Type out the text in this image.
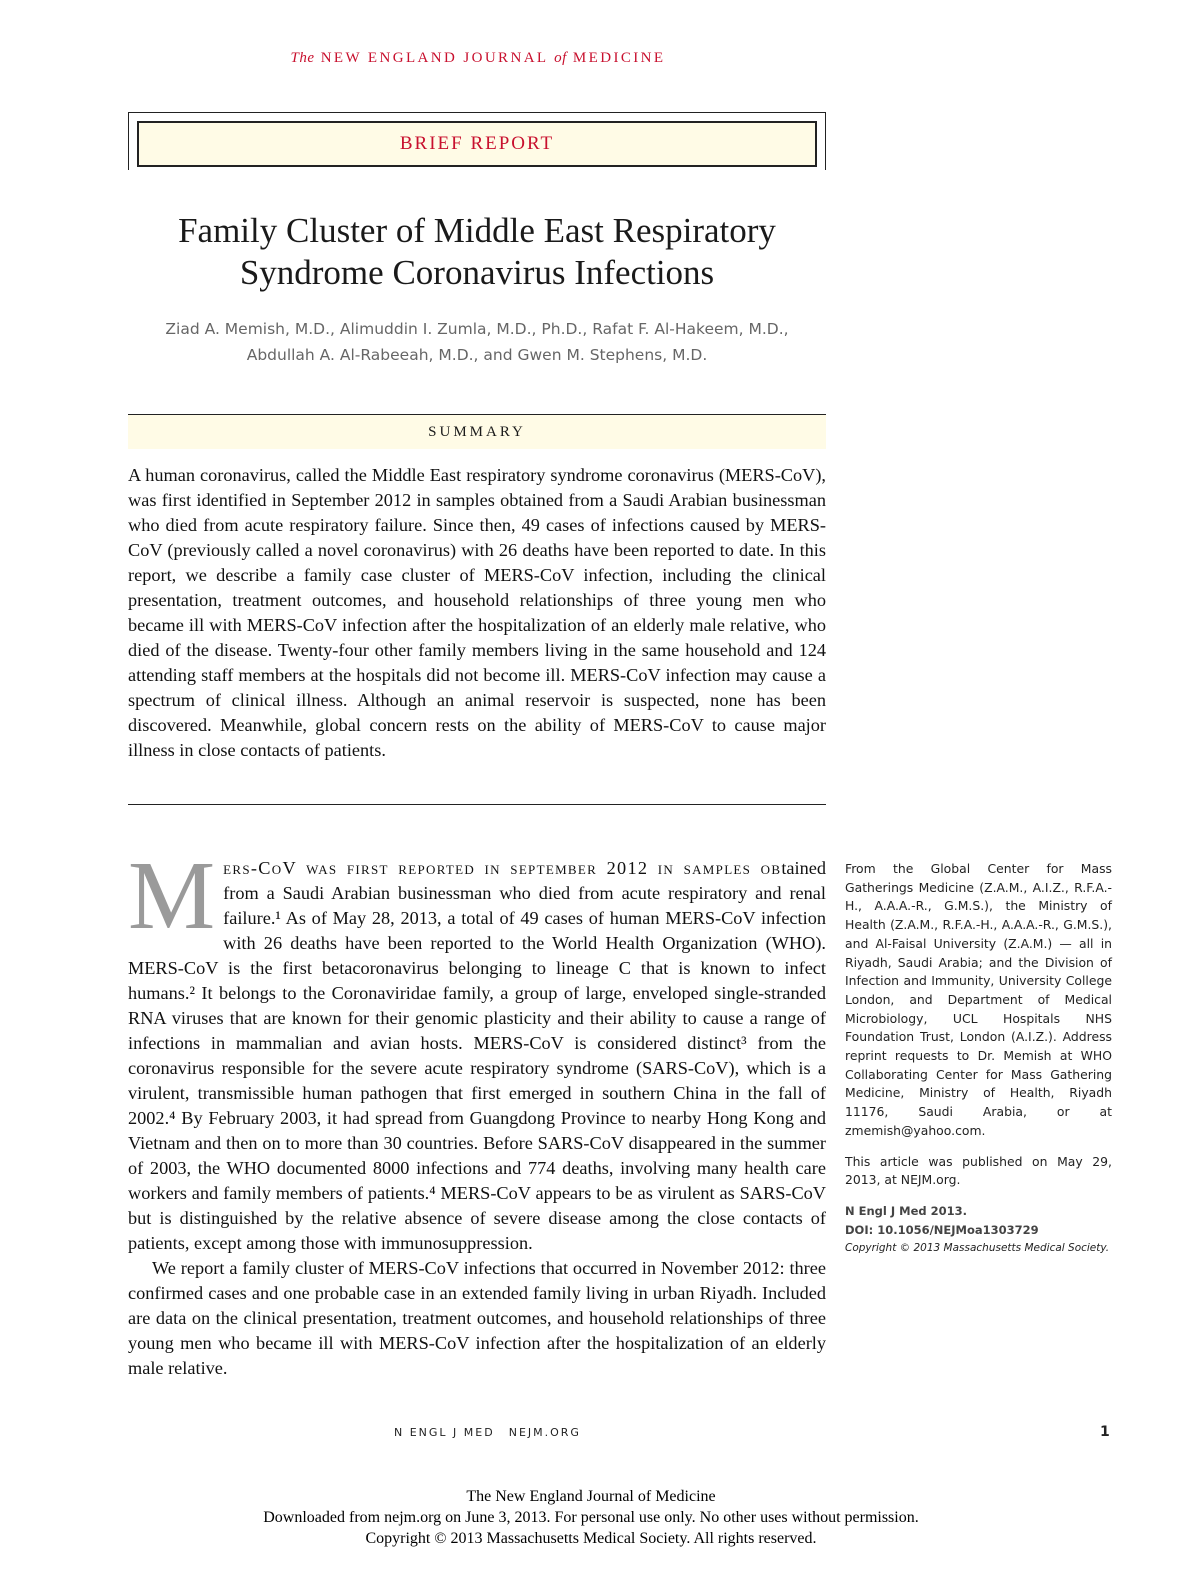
The NEW ENGLAND JOURNAL of MEDICINE
BRIEF REPORT
Family Cluster of Middle East Respiratory Syndrome Coronavirus Infections
Ziad A. Memish, M.D., Alimuddin I. Zumla, M.D., Ph.D., Rafat F. Al-Hakeem, M.D.,
Abdullah A. Al-Rabeeah, M.D., and Gwen M. Stephens, M.D.
SUMMARY

A human coronavirus, called the Middle East respiratory syndrome coronavirus (MERS-CoV), was first identified in September 2012 in samples obtained from a Saudi Arabian businessman who died from acute respiratory failure. Since then, 49 cases of infections caused by MERS-CoV (previously called a novel coronavirus) with 26 deaths have been reported to date. In this report, we describe a family case cluster of MERS-CoV infection, including the clinical presentation, treatment outcomes, and household relationships of three young men who became ill with MERS-CoV infection after the hospitalization of an elderly male relative, who died of the disease. Twenty-four other family members living in the same household and 124 attending staff members at the hospitals did not become ill. MERS-CoV infection may cause a spectrum of clinical illness. Although an animal reservoir is suspected, none has been discovered. Meanwhile, global concern rests on the ability of MERS-CoV to cause major illness in close contacts of patients.

Mers-CoV was first reported in september 2012 in samples obtained from a Saudi Arabian businessman who died from acute respiratory and renal failure.¹ As of May 28, 2013, a total of 49 cases of human MERS-CoV infection with 26 deaths have been reported to the World Health Organization (WHO). MERS-CoV is the first betacoronavirus belonging to lineage C that is known to infect humans.² It belongs to the Coronaviridae family, a group of large, enveloped single-stranded RNA viruses that are known for their genomic plasticity and their ability to cause a range of infections in mammalian and avian hosts. MERS-CoV is considered distinct³ from the coronavirus responsible for the severe acute respiratory syndrome (SARS-CoV), which is a virulent, transmissible human pathogen that first emerged in southern China in the fall of 2002.⁴ By February 2003, it had spread from Guangdong Province to nearby Hong Kong and Vietnam and then on to more than 30 countries. Before SARS-CoV disappeared in the summer of 2003, the WHO documented 8000 infections and 774 deaths, involving many health care workers and family members of patients.⁴ MERS-CoV appears to be as virulent as SARS-CoV but is distinguished by the relative absence of severe disease among the close contacts of patients, except among those with immunosuppression.

We report a family cluster of MERS-CoV infections that occurred in November 2012: three confirmed cases and one probable case in an extended family living in urban Riyadh. Included are data on the clinical presentation, treatment outcomes, and household relationships of three young men who became ill with MERS-CoV infection after the hospitalization of an elderly male relative.

From the Global Center for Mass Gatherings Medicine (Z.A.M., A.I.Z., R.F.A.-H., A.A.A.-R., G.M.S.), the Ministry of Health (Z.A.M., R.F.A.-H., A.A.A.-R., G.M.S.), and Al-Faisal University (Z.A.M.) — all in Riyadh, Saudi Arabia; and the Division of Infection and Immunity, University College London, and Department of Medical Microbiology, UCL Hospitals NHS Foundation Trust, London (A.I.Z.). Address reprint requests to Dr. Memish at WHO Collaborating Center for Mass Gathering Medicine, Ministry of Health, Riyadh 11176, Saudi Arabia, or at zmemish@yahoo.com.

This article was published on May 29, 2013, at NEJM.org.

N Engl J Med 2013.
DOI: 10.1056/NEJMoa1303729
Copyright © 2013 Massachusetts Medical Society.
N ENGL J MED NEJM.ORG	1
The New England Journal of Medicine
Downloaded from nejm.org on June 3, 2013. For personal use only. No other uses without permission.
Copyright © 2013 Massachusetts Medical Society. All rights reserved.
